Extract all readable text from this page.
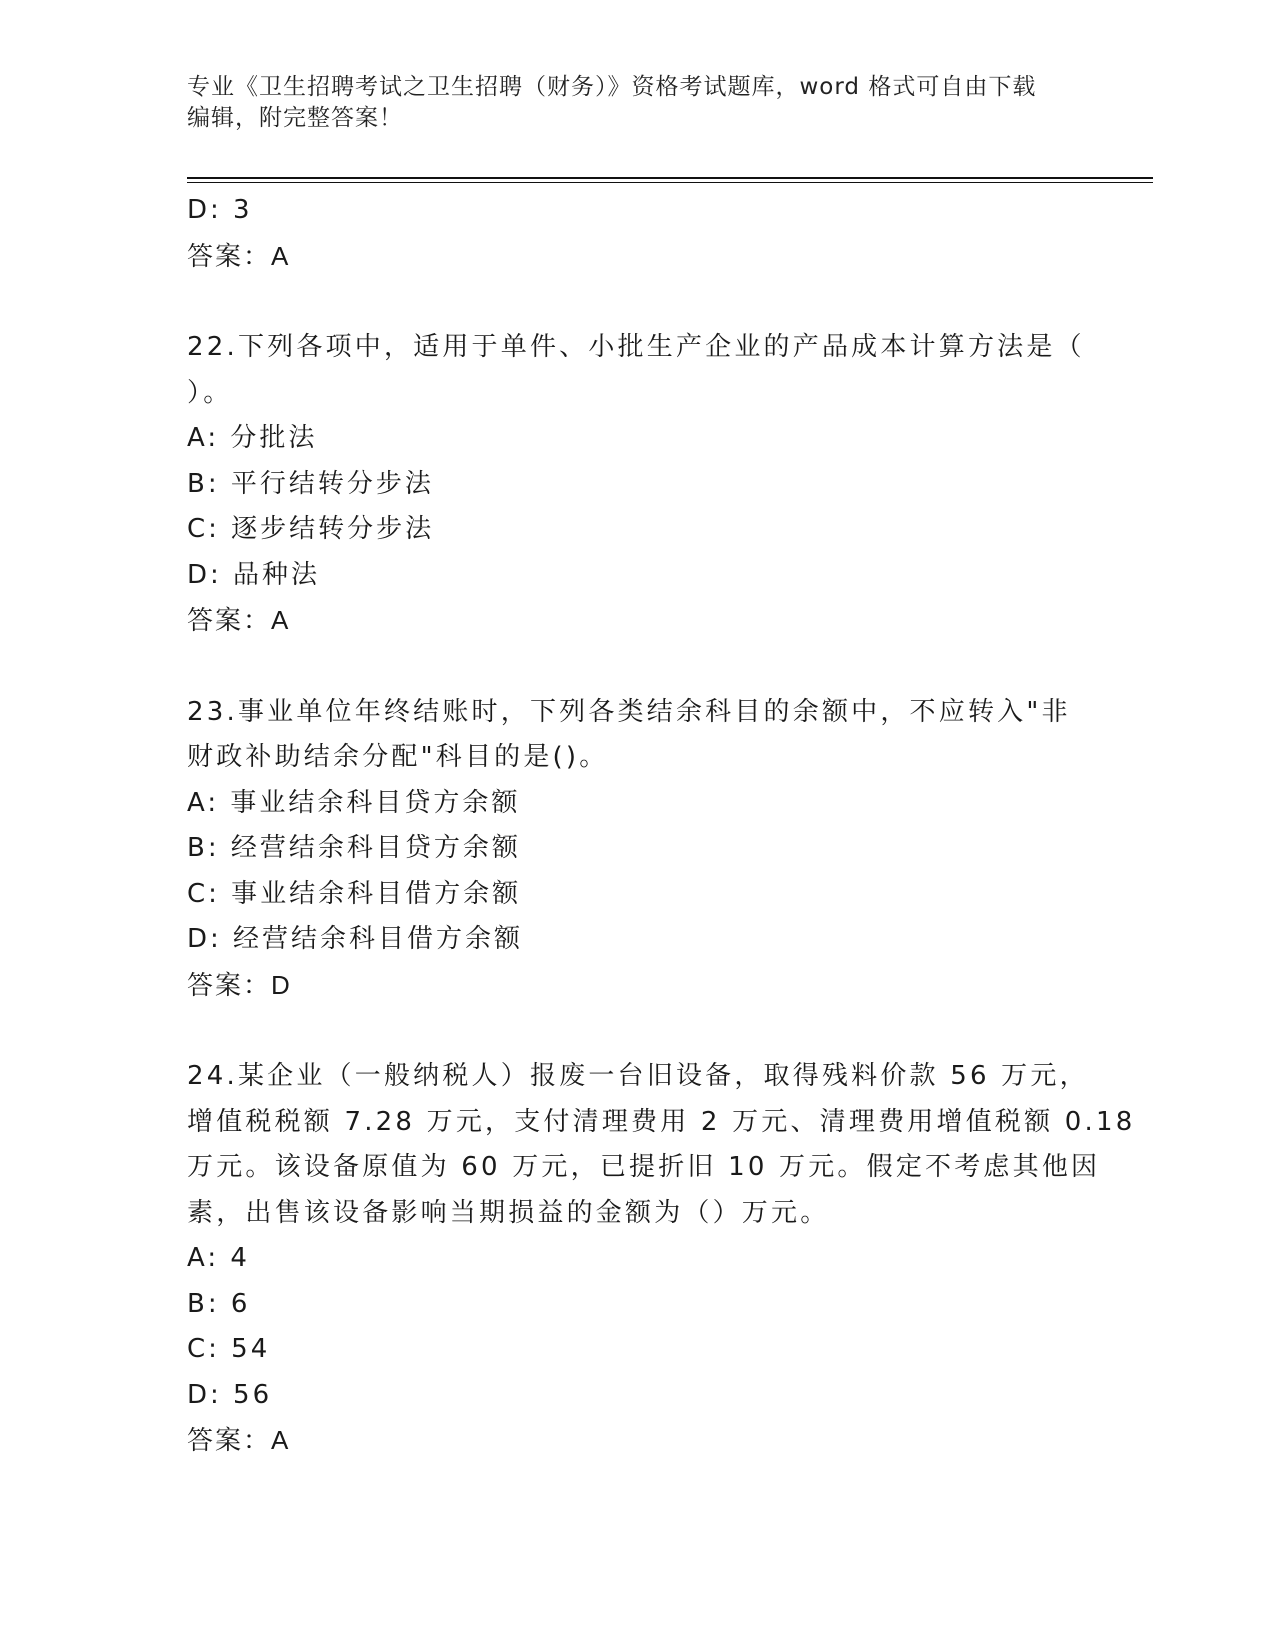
专业《卫生招聘考试之卫生招聘（财务）》资格考试题库，word 格式可自由下载
编辑，附完整答案！
D: 3
答案：A
22.下列各项中，适用于单件、小批生产企业的产品成本计算方法是（
）。
A: 分批法
B: 平行结转分步法
C: 逐步结转分步法
D: 品种法
答案：A
23.事业单位年终结账时，下列各类结余科目的余额中，不应转入"非
财政补助结余分配"科目的是()。
A: 事业结余科目贷方余额
B: 经营结余科目贷方余额
C: 事业结余科目借方余额
D: 经营结余科目借方余额
答案：D
24.某企业（一般纳税人）报废一台旧设备，取得残料价款 56 万元，
增值税税额 7.28 万元，支付清理费用 2 万元、清理费用增值税额 0.18
万元。该设备原值为 60 万元，已提折旧 10 万元。假定不考虑其他因
素，出售该设备影响当期损益的金额为（）万元。
A: 4
B: 6
C: 54
D: 56
答案：A
